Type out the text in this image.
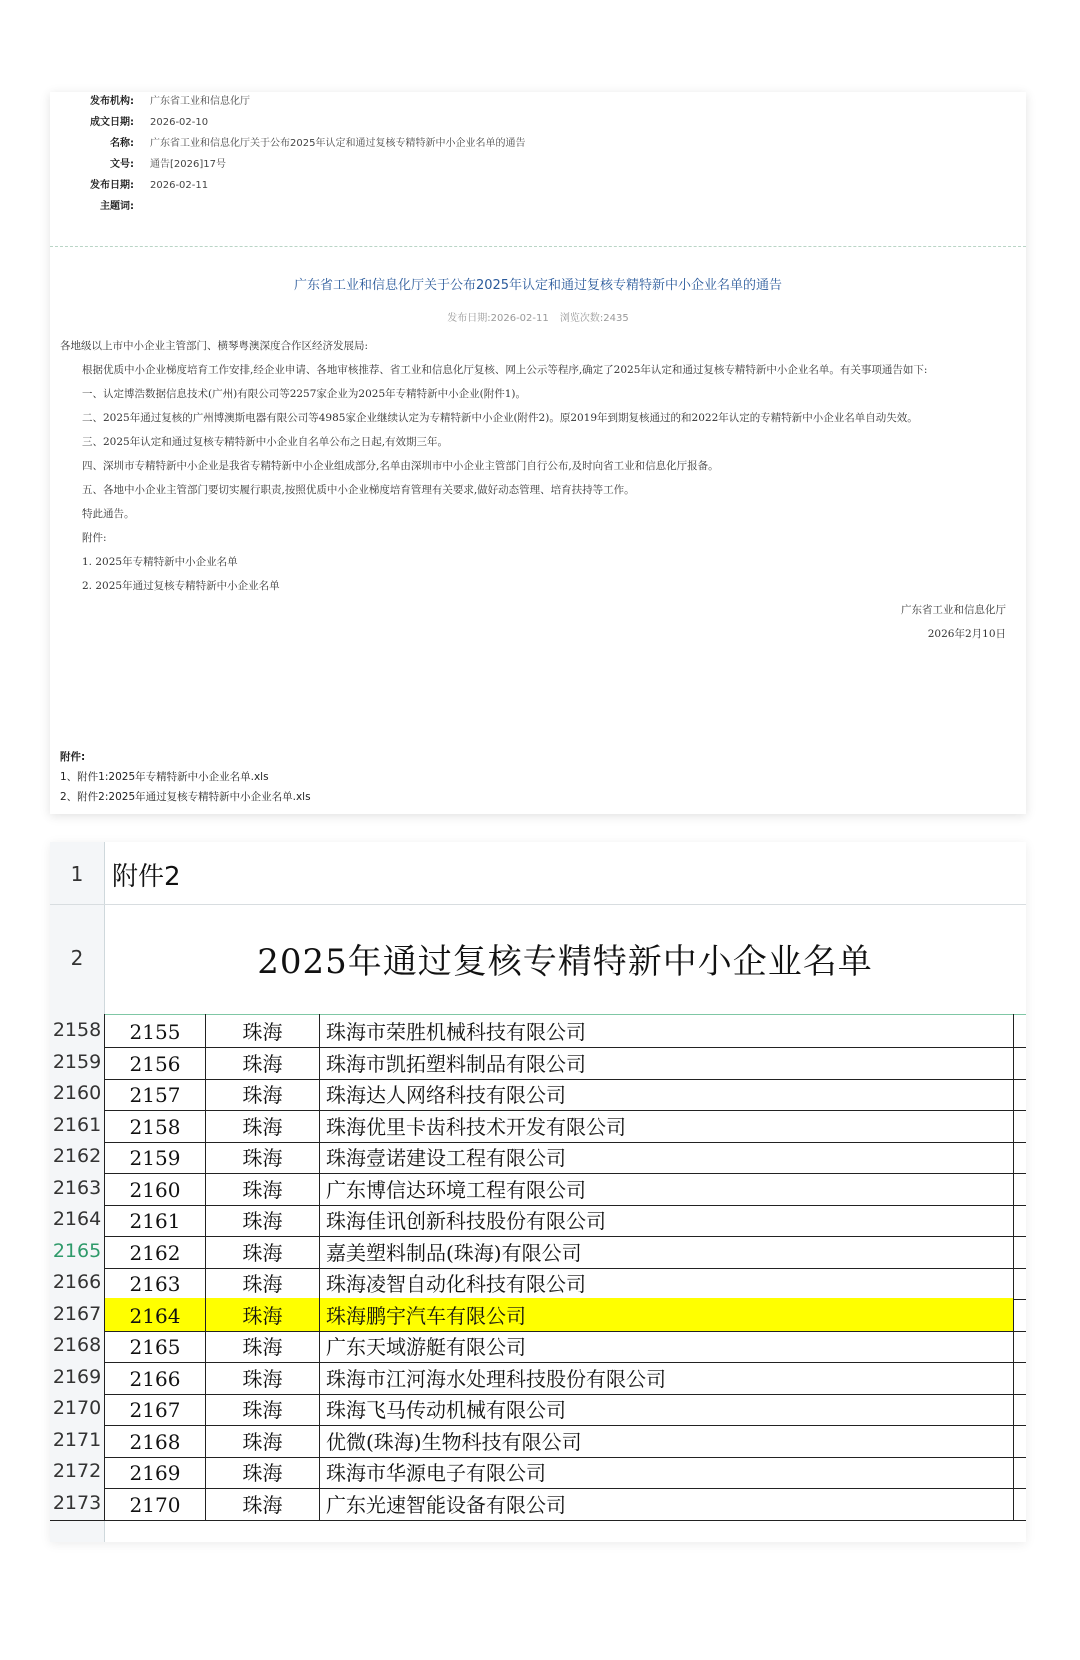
发布机构: 广东省工业和信息化厅
成文日期: 2026-02-10
名称: 广东省工业和信息化厅关于公布2025年认定和通过复核专精特新中小企业名单的通告
文号: 通告[2026]17号
发布日期: 2026-02-11
主题词:
广东省工业和信息化厅关于公布2025年认定和通过复核专精特新中小企业名单的通告
发布日期:2026-02-11 浏览次数:2435

各地级以上市中小企业主管部门、横琴粤澳深度合作区经济发展局:

根据优质中小企业梯度培育工作安排,经企业申请、各地审核推荐、省工业和信息化厅复核、网上公示等程序,确定了2025年认定和通过复核专精特新中小企业名单。有关事项通告如下:

一、认定博浩数据信息技术(广州)有限公司等2257家企业为2025年专精特新中小企业(附件1)。

二、2025年通过复核的广州博澳斯电器有限公司等4985家企业继续认定为专精特新中小企业(附件2)。原2019年到期复核通过的和2022年认定的专精特新中小企业名单自动失效。

三、2025年认定和通过复核专精特新中小企业自名单公布之日起,有效期三年。

四、深圳市专精特新中小企业是我省专精特新中小企业组成部分,名单由深圳市中小企业主管部门自行公布,及时向省工业和信息化厅报备。

五、各地中小企业主管部门要切实履行职责,按照优质中小企业梯度培育管理有关要求,做好动态管理、培育扶持等工作。

特此通告。

附件:

1. 2025年专精特新中小企业名单

2. 2025年通过复核专精特新中小企业名单

广东省工业和信息化厅

2026年2月10日

附件:
1、附件1:2025年专精特新中小企业名单.xls
2、附件2:2025年通过复核专精特新中小企业名单.xls
1	附件2
2	2025年通过复核专精特新中小企业名单
2158	2155	珠海	珠海市荣胜机械科技有限公司
2159	2156	珠海	珠海市凯拓塑料制品有限公司
2160	2157	珠海	珠海达人网络科技有限公司
2161	2158	珠海	珠海优里卡齿科技术开发有限公司
2162	2159	珠海	珠海壹诺建设工程有限公司
2163	2160	珠海	广东博信达环境工程有限公司
2164	2161	珠海	珠海佳讯创新科技股份有限公司
2165	2162	珠海	嘉美塑料制品(珠海)有限公司
2166	2163	珠海	珠海凌智自动化科技有限公司
2167	2164	珠海	珠海鹏宇汽车有限公司
2168	2165	珠海	广东天域游艇有限公司
2169	2166	珠海	珠海市江河海水处理科技股份有限公司
2170	2167	珠海	珠海飞马传动机械有限公司
2171	2168	珠海	优微(珠海)生物科技有限公司
2172	2169	珠海	珠海市华源电子有限公司
2173	2170	珠海	广东光速智能设备有限公司
